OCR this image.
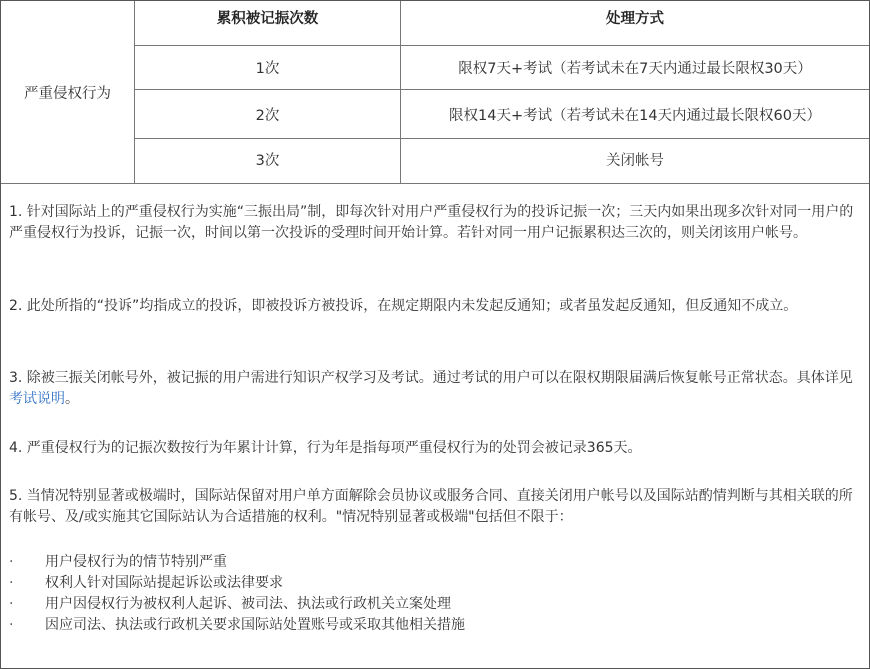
严重侵权行为
累积被记振次数	处理方式
1次	限权7天+考试（若考试未在7天内通过最长限权30天）
2次	限权14天+考试（若考试未在14天内通过最长限权60天）
3次	关闭帐号
1. 针对国际站上的严重侵权行为实施“三振出局”制，即每次针对用户严重侵权行为的投诉记振一次；三天内如果出现多次针对同一用户的严重侵权行为投诉，记振一次，时间以第一次投诉的受理时间开始计算。若针对同一用户记振累积达三次的，则关闭该用户帐号。
2. 此处所指的“投诉”均指成立的投诉，即被投诉方被投诉，在规定期限内未发起反通知；或者虽发起反通知，但反通知不成立。
3. 除被三振关闭帐号外，被记振的用户需进行知识产权学习及考试。通过考试的用户可以在限权期限届满后恢复帐号正常状态。具体详见考试说明。
4. 严重侵权行为的记振次数按行为年累计计算，行为年是指每项严重侵权行为的处罚会被记录365天。
5. 当情况特别显著或极端时，国际站保留对用户单方面解除会员协议或服务合同、直接关闭用户帐号以及国际站酌情判断与其相关联的所有帐号、及/或实施其它国际站认为合适措施的权利。"情况特别显著或极端"包括但不限于：
·	用户侵权行为的情节特别严重
·	权利人针对国际站提起诉讼或法律要求
·	用户因侵权行为被权利人起诉、被司法、执法或行政机关立案处理
·	因应司法、执法或行政机关要求国际站处置账号或采取其他相关措施
